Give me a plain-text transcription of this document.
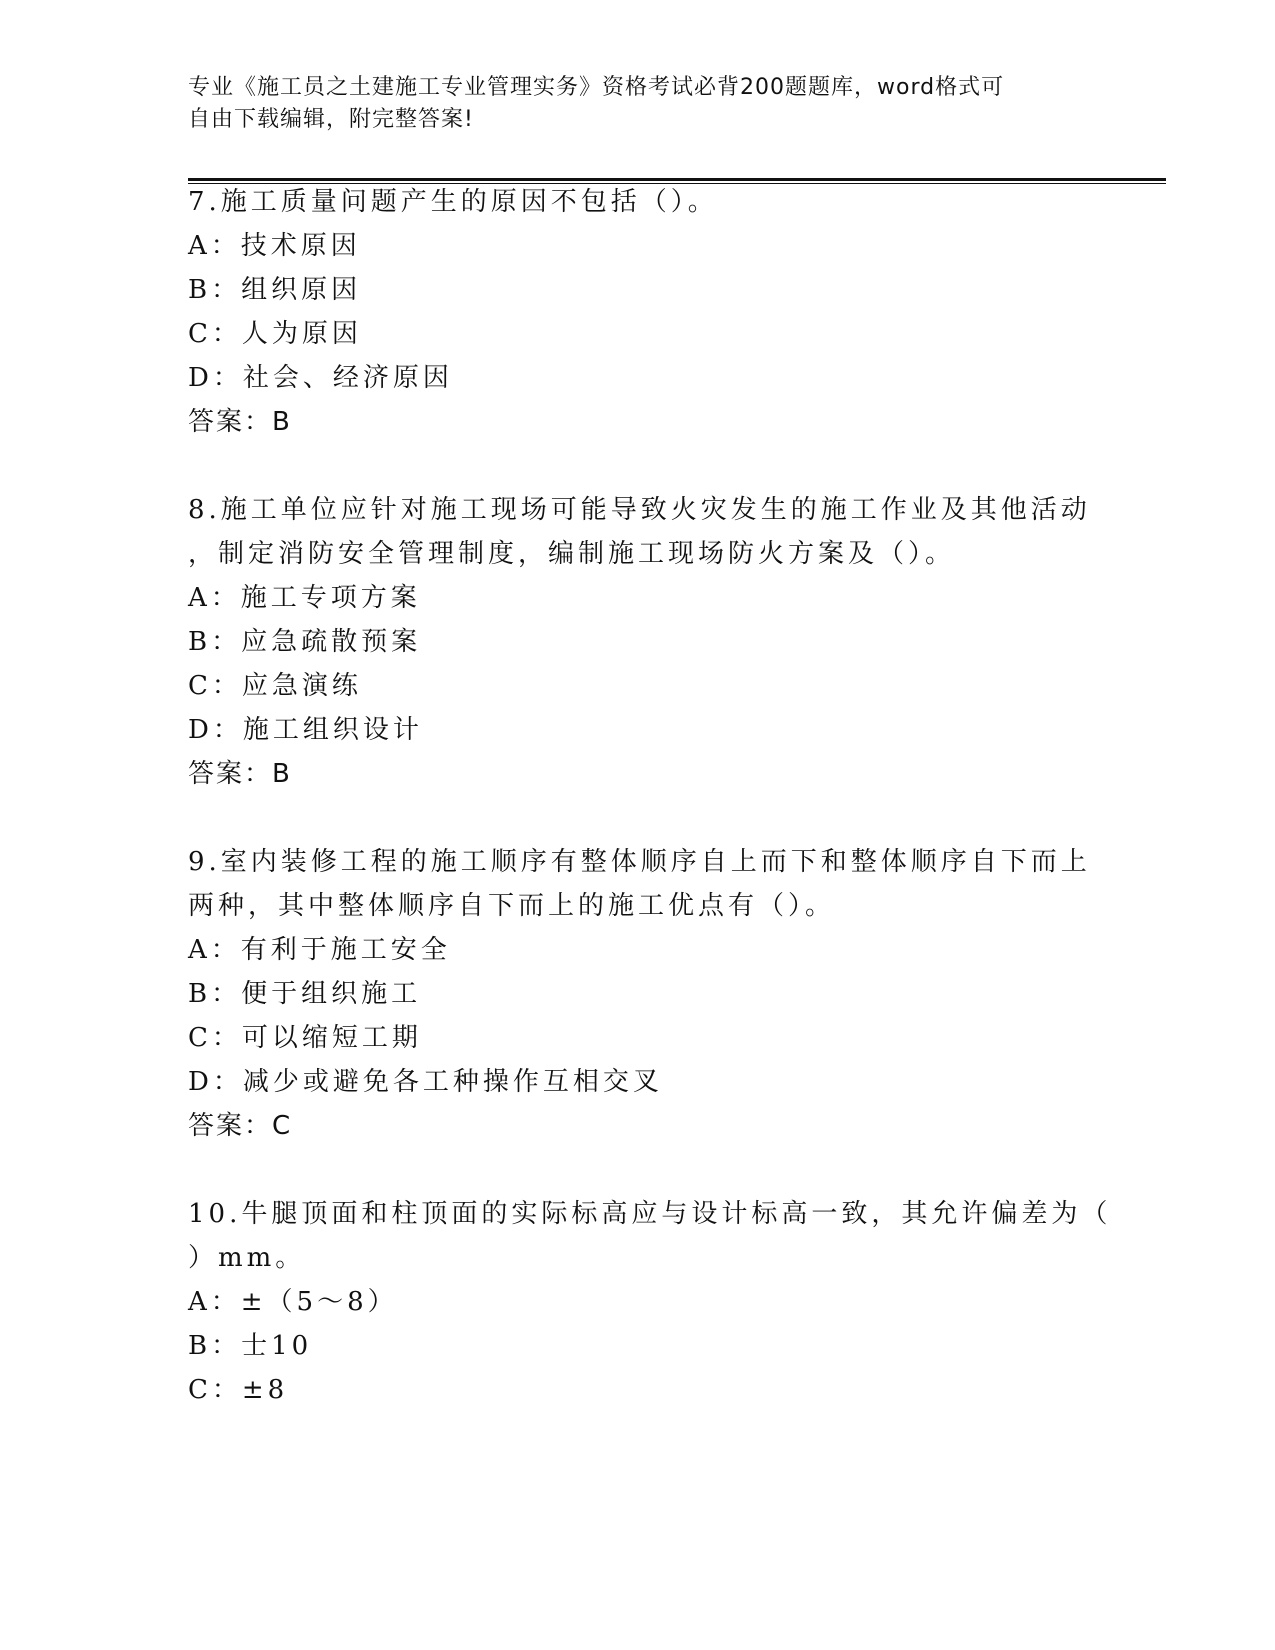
专业《施工员之土建施工专业管理实务》资格考试必背200题题库，word格式可
自由下载编辑，附完整答案!
7.施工质量问题产生的原因不包括（）。
A：技术原因
B：组织原因
C：人为原因
D：社会、经济原因
答案：B
8.施工单位应针对施工现场可能导致火灾发生的施工作业及其他活动
，制定消防安全管理制度，编制施工现场防火方案及（）。
A：施工专项方案
B：应急疏散预案
C：应急演练
D：施工组织设计
答案：B
9.室内装修工程的施工顺序有整体顺序自上而下和整体顺序自下而上
两种，其中整体顺序自下而上的施工优点有（）。
A：有利于施工安全
B：便于组织施工
C：可以缩短工期
D：减少或避免各工种操作互相交叉
答案：C
10.牛腿顶面和柱顶面的实际标高应与设计标高一致，其允许偏差为（
）mm。
A：±（5～8）
B：士10
C：±8
